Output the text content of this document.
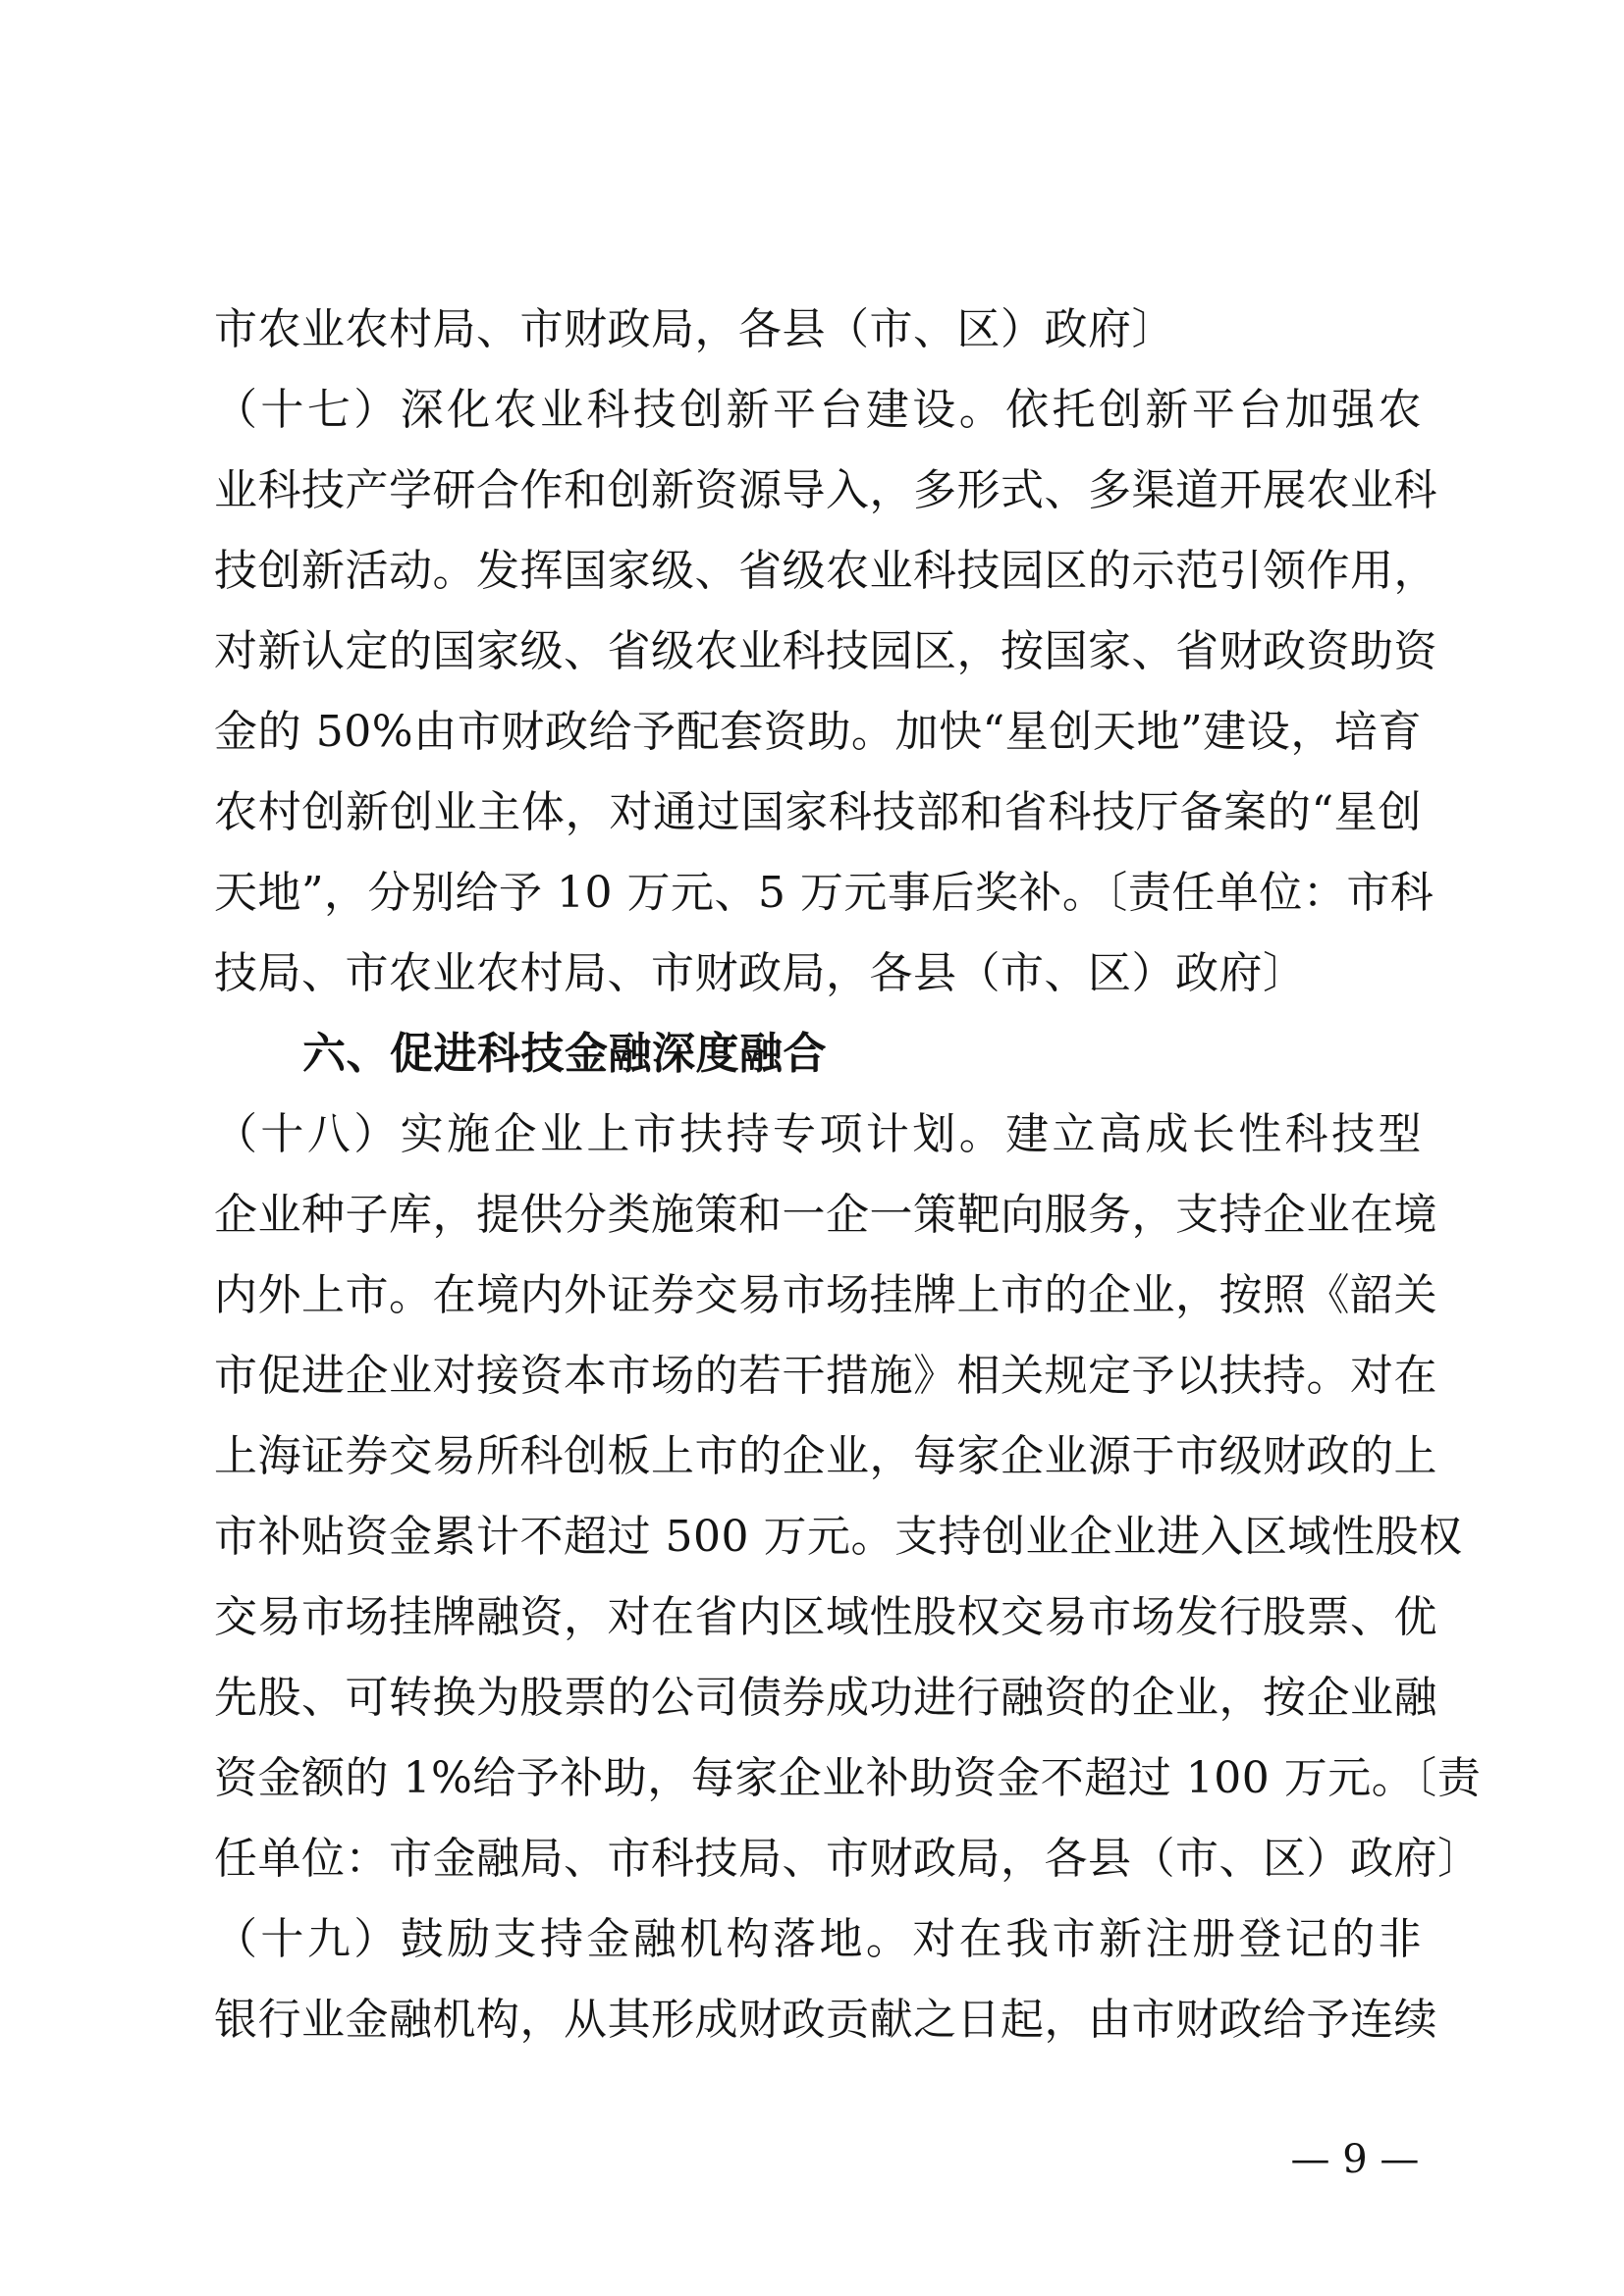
市农业农村局、市财政局，各县（市、区）政府〕
（十七）深化农业科技创新平台建设。依托创新平台加强农
业科技产学研合作和创新资源导入，多形式、多渠道开展农业科
技创新活动。发挥国家级、省级农业科技园区的示范引领作用，
对新认定的国家级、省级农业科技园区，按国家、省财政资助资
金的 50%由市财政给予配套资助。加快“星创天地”建设，培育
农村创新创业主体，对通过国家科技部和省科技厅备案的“星创
天地”，分别给予 10 万元、5 万元事后奖补。〔责任单位：市科
技局、市农业农村局、市财政局，各县（市、区）政府〕
六、促进科技金融深度融合
（十八）实施企业上市扶持专项计划。建立高成长性科技型
企业种子库，提供分类施策和一企一策靶向服务，支持企业在境
内外上市。在境内外证券交易市场挂牌上市的企业，按照《韶关
市促进企业对接资本市场的若干措施》相关规定予以扶持。对在
上海证券交易所科创板上市的企业，每家企业源于市级财政的上
市补贴资金累计不超过 500 万元。支持创业企业进入区域性股权
交易市场挂牌融资，对在省内区域性股权交易市场发行股票、优
先股、可转换为股票的公司债券成功进行融资的企业，按企业融
资金额的 1%给予补助，每家企业补助资金不超过 100 万元。〔责
任单位：市金融局、市科技局、市财政局，各县（市、区）政府〕
（十九）鼓励支持金融机构落地。对在我市新注册登记的非
银行业金融机构，从其形成财政贡献之日起，由市财政给予连续
— 9 —
